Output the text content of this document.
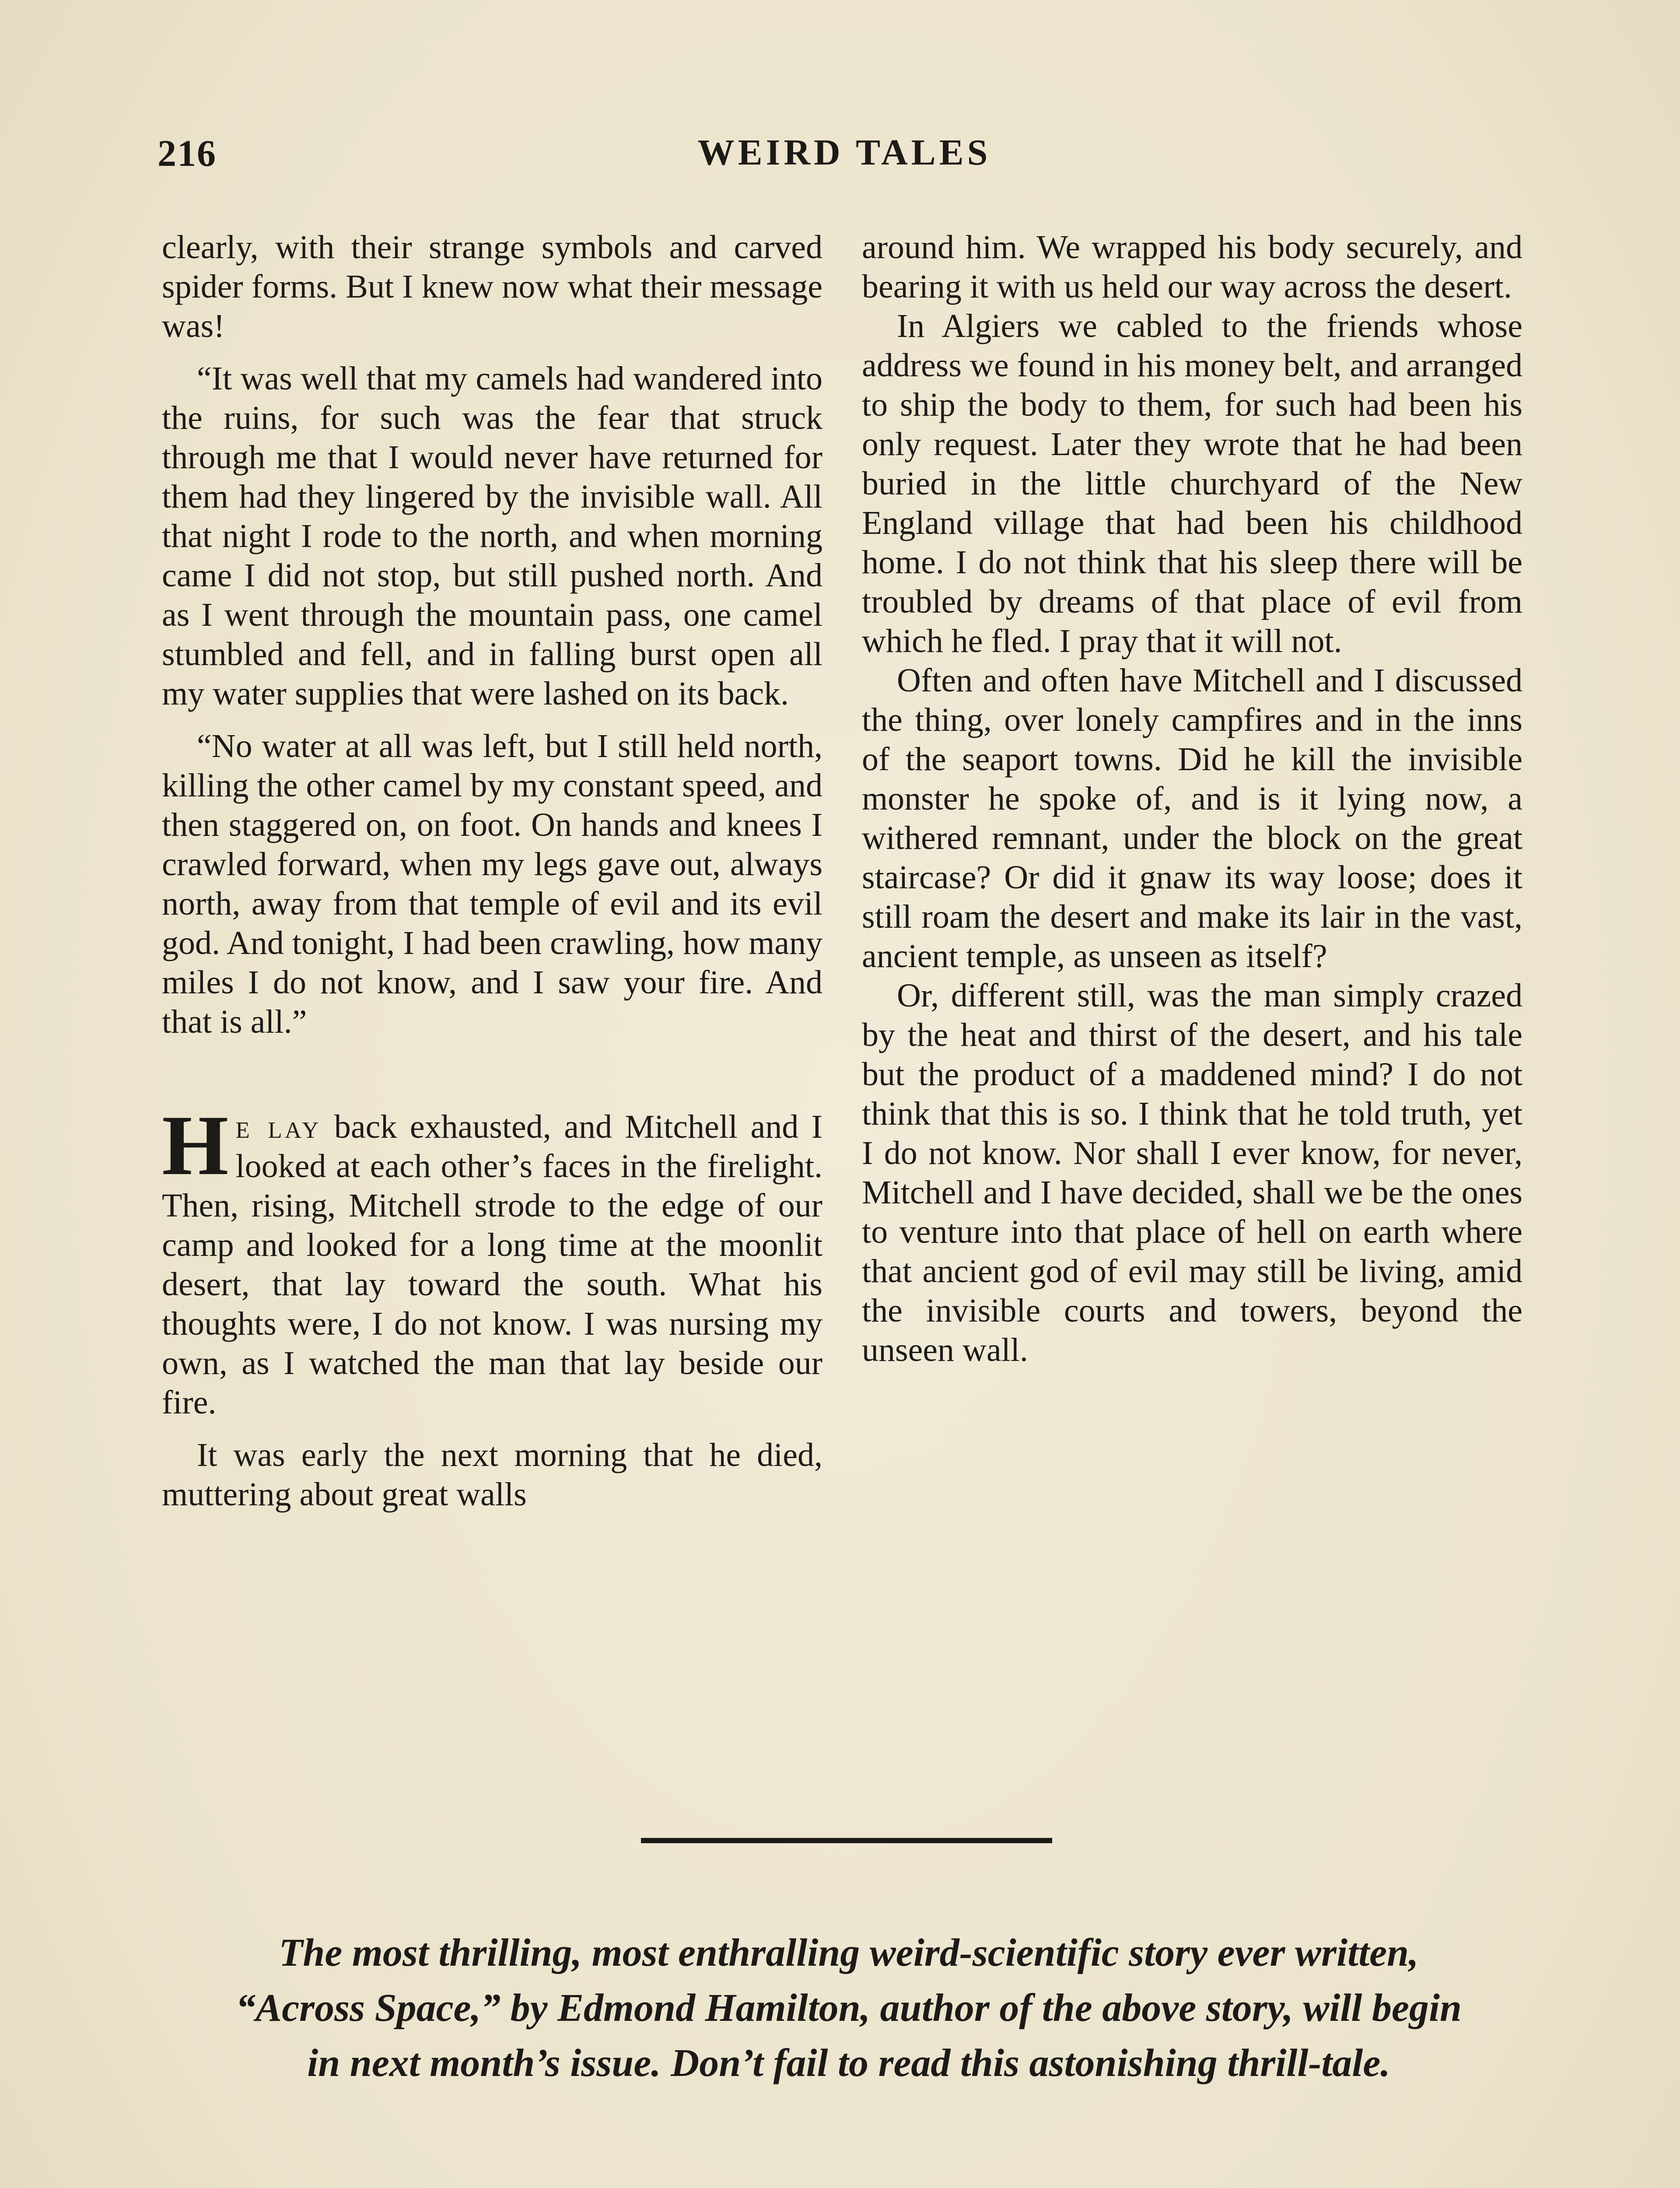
216	WEIRD TALES

clearly, with their strange symbols and carved spider forms. But I knew now what their message was!

“It was well that my camels had wandered into the ruins, for such was the fear that struck through me that I would never have returned for them had they lingered by the invisible wall. All that night I rode to the north, and when morning came I did not stop, but still pushed north. And as I went through the mountain pass, one camel stumbled and fell, and in falling burst open all my water supplies that were lashed on its back.

“No water at all was left, but I still held north, killing the other camel by my constant speed, and then staggered on, on foot. On hands and knees I crawled forward, when my legs gave out, always north, away from that temple of evil and its evil god. And tonight, I had been crawling, how many miles I do not know, and I saw your fire. And that is all.”

He lay back exhausted, and Mitchell and I looked at each other’s faces in the firelight. Then, rising, Mitchell strode to the edge of our camp and looked for a long time at the moonlit desert, that lay toward the south. What his thoughts were, I do not know. I was nursing my own, as I watched the man that lay beside our fire.

It was early the next morning that he died, muttering about great walls

around him. We wrapped his body securely, and bearing it with us held our way across the desert.

In Algiers we cabled to the friends whose address we found in his money belt, and arranged to ship the body to them, for such had been his only request. Later they wrote that he had been buried in the little churchyard of the New England village that had been his childhood home. I do not think that his sleep there will be troubled by dreams of that place of evil from which he fled. I pray that it will not.

Often and often have Mitchell and I discussed the thing, over lonely campfires and in the inns of the seaport towns. Did he kill the invisible monster he spoke of, and is it lying now, a withered remnant, under the block on the great staircase? Or did it gnaw its way loose; does it still roam the desert and make its lair in the vast, ancient temple, as unseen as itself?

Or, different still, was the man simply crazed by the heat and thirst of the desert, and his tale but the product of a maddened mind? I do not think that this is so. I think that he told truth, yet I do not know. Nor shall I ever know, for never, Mitchell and I have decided, shall we be the ones to venture into that place of hell on earth where that ancient god of evil may still be living, amid the invisible courts and towers, beyond the unseen wall.

The most thrilling, most enthralling weird-scientific story ever written, “Across Space,” by Edmond Hamilton, author of the above story, will begin in next month’s issue. Don’t fail to read this astonishing thrill-tale.
